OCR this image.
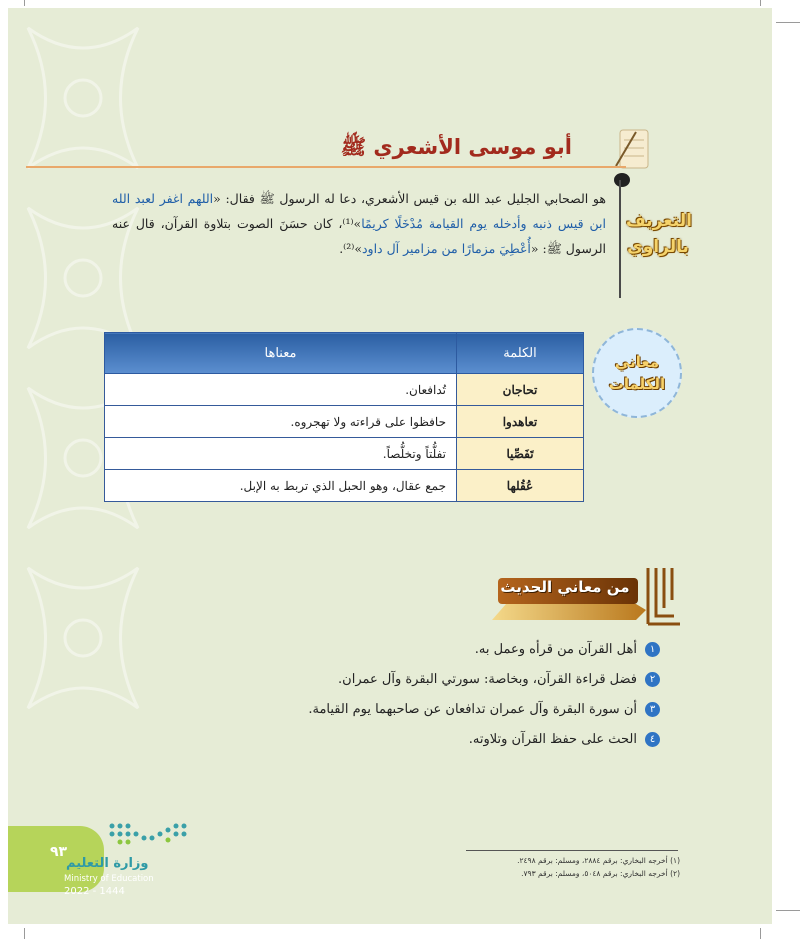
أبو موسى الأشعري ﷺ
التعريف
بالراوي
هو الصحابي الجليل عبد الله بن قيس الأشعري، دعا له الرسول ﷺ فقال: «اللهم اغفر لعبد الله ابن قيس ذنبه وأدخله يوم القيامة مُدْخَلًا كريمًا»⁽¹⁾، كان حسَنَ الصوت بتلاوة القرآن، قال عنه الرسول ﷺ: «أُعْطِيَ مزمارًا من مزامير آل داود»⁽²⁾.
معاني
الكلمات
الكلمة	معناها
تحاجان	تُدافعان.
تعاهدوا	حافظوا على قراءته ولا تهجروه.
تَفَصِّيا	تفلُّتاً وتخلُّصاً.
عُقُلها	جمع عقال، وهو الحبل الذي تربط به الإبل.
من معاني الحديث
١
أهل القرآن من قرأه وعمل به.
٢
فضل قراءة القرآن، وبخاصة: سورتي البقرة وآل عمران.
٣
أن سورة البقرة وآل عمران تدافعان عن صاحبهما يوم القيامة.
٤
الحث على حفظ القرآن وتلاوته.
(١) أخرجه البخاري: برقم ٢٨٨٤، ومسلم: برقم ٢٤٩٨.
(٢) أخرجه البخاري: برقم ٥٠٤٨، ومسلم: برقم ٧٩٣.
٩٣
وزارة التعليم
Ministry of Education
2022 - 1444
